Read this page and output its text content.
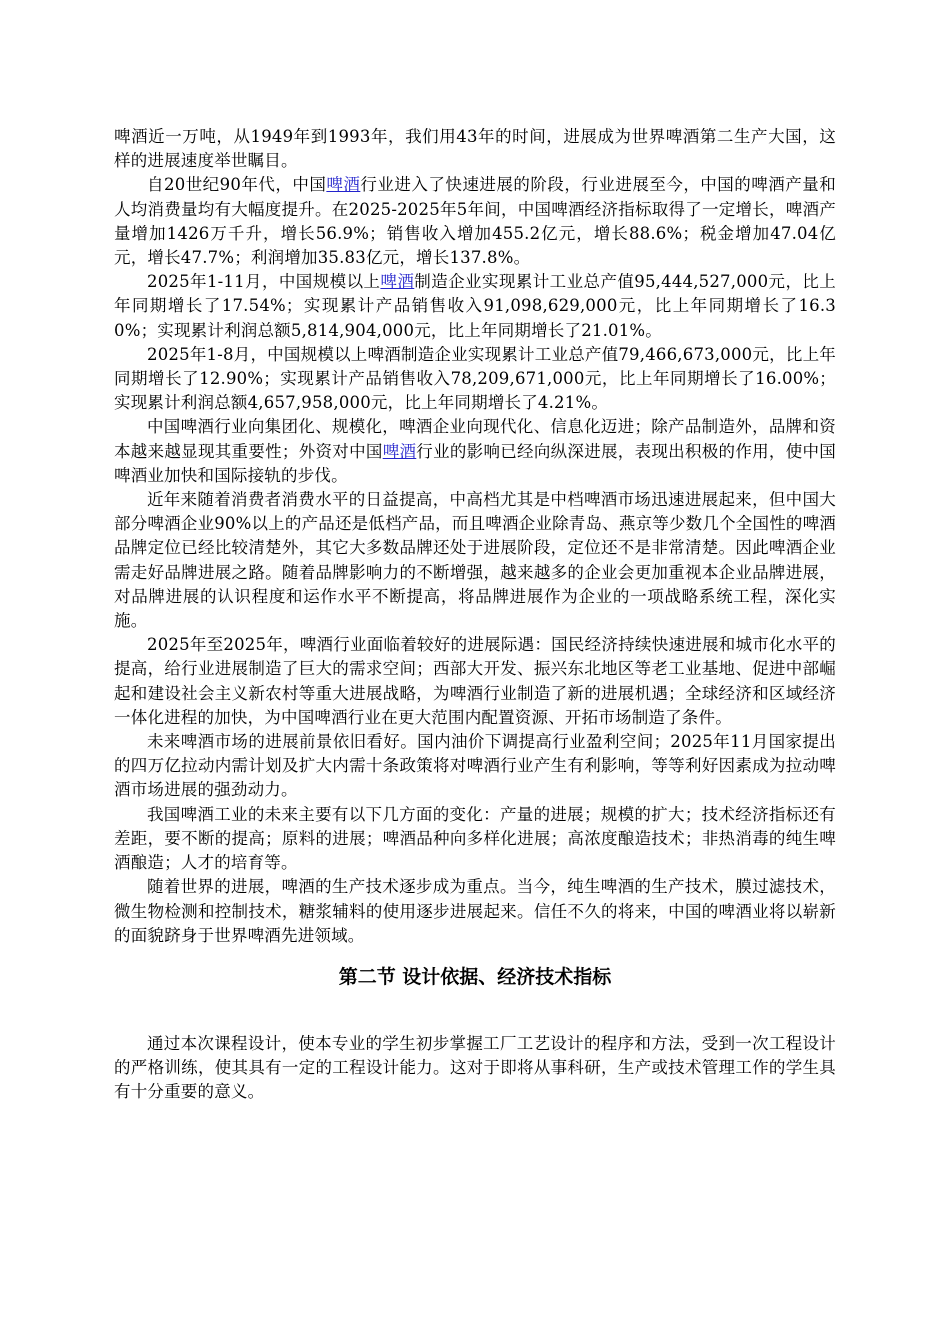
啤酒近一万吨，从1949年到1993年，我们用43年的时间，进展成为世界啤酒第二生产大国，这样的进展速度举世瞩目。

自20世纪90年代，中国啤酒行业进入了快速进展的阶段，行业进展至今，中国的啤酒产量和人均消费量均有大幅度提升。在2025-2025年5年间，中国啤酒经济指标取得了一定增长，啤酒产量增加1426万千升，增长56.9%；销售收入增加455.2亿元，增长88.6%；税金增加47.04亿元，增长47.7%；利润增加35.83亿元，增长137.8%。

2025年1-11月，中国规模以上啤酒制造企业实现累计工业总产值95,444,527,000元，比上年同期增长了17.54%；实现累计产品销售收入91,098,629,000元，比上年同期增长了16.30%；实现累计利润总额5,814,904,000元，比上年同期增长了21.01%。

2025年1-8月，中国规模以上啤酒制造企业实现累计工业总产值79,466,673,000元，比上年同期增长了12.90%；实现累计产品销售收入78,209,671,000元，比上年同期增长了16.00%；实现累计利润总额4,657,958,000元，比上年同期增长了4.21%。

中国啤酒行业向集团化、规模化，啤酒企业向现代化、信息化迈进；除产品制造外，品牌和资本越来越显现其重要性；外资对中国啤酒行业的影响已经向纵深进展，表现出积极的作用，使中国啤酒业加快和国际接轨的步伐。

近年来随着消费者消费水平的日益提高，中高档尤其是中档啤酒市场迅速进展起来，但中国大部分啤酒企业90%以上的产品还是低档产品，而且啤酒企业除青岛、燕京等少数几个全国性的啤酒品牌定位已经比较清楚外，其它大多数品牌还处于进展阶段，定位还不是非常清楚。因此啤酒企业需走好品牌进展之路。随着品牌影响力的不断增强，越来越多的企业会更加重视本企业品牌进展，对品牌进展的认识程度和运作水平不断提高，将品牌进展作为企业的一项战略系统工程，深化实施。

2025年至2025年，啤酒行业面临着较好的进展际遇：国民经济持续快速进展和城市化水平的提高，给行业进展制造了巨大的需求空间；西部大开发、振兴东北地区等老工业基地、促进中部崛起和建设社会主义新农村等重大进展战略，为啤酒行业制造了新的进展机遇；全球经济和区域经济一体化进程的加快，为中国啤酒行业在更大范围内配置资源、开拓市场制造了条件。

未来啤酒市场的进展前景依旧看好。国内油价下调提高行业盈利空间；2025年11月国家提出的四万亿拉动内需计划及扩大内需十条政策将对啤酒行业产生有利影响，等等利好因素成为拉动啤酒市场进展的强劲动力。

我国啤酒工业的未来主要有以下几方面的变化：产量的进展；规模的扩大；技术经济指标还有差距，要不断的提高；原料的进展；啤酒品种向多样化进展；高浓度酿造技术；非热消毒的纯生啤酒酿造；人才的培育等。

随着世界的进展，啤酒的生产技术逐步成为重点。当今，纯生啤酒的生产技术，膜过滤技术，微生物检测和控制技术，糖浆辅料的使用逐步进展起来。信任不久的将来，中国的啤酒业将以崭新的面貌跻身于世界啤酒先进领域。

第二节 设计依据、经济技术指标

通过本次课程设计，使本专业的学生初步掌握工厂工艺设计的程序和方法，受到一次工程设计的严格训练，使其具有一定的工程设计能力。这对于即将从事科研，生产或技术管理工作的学生具有十分重要的意义。
